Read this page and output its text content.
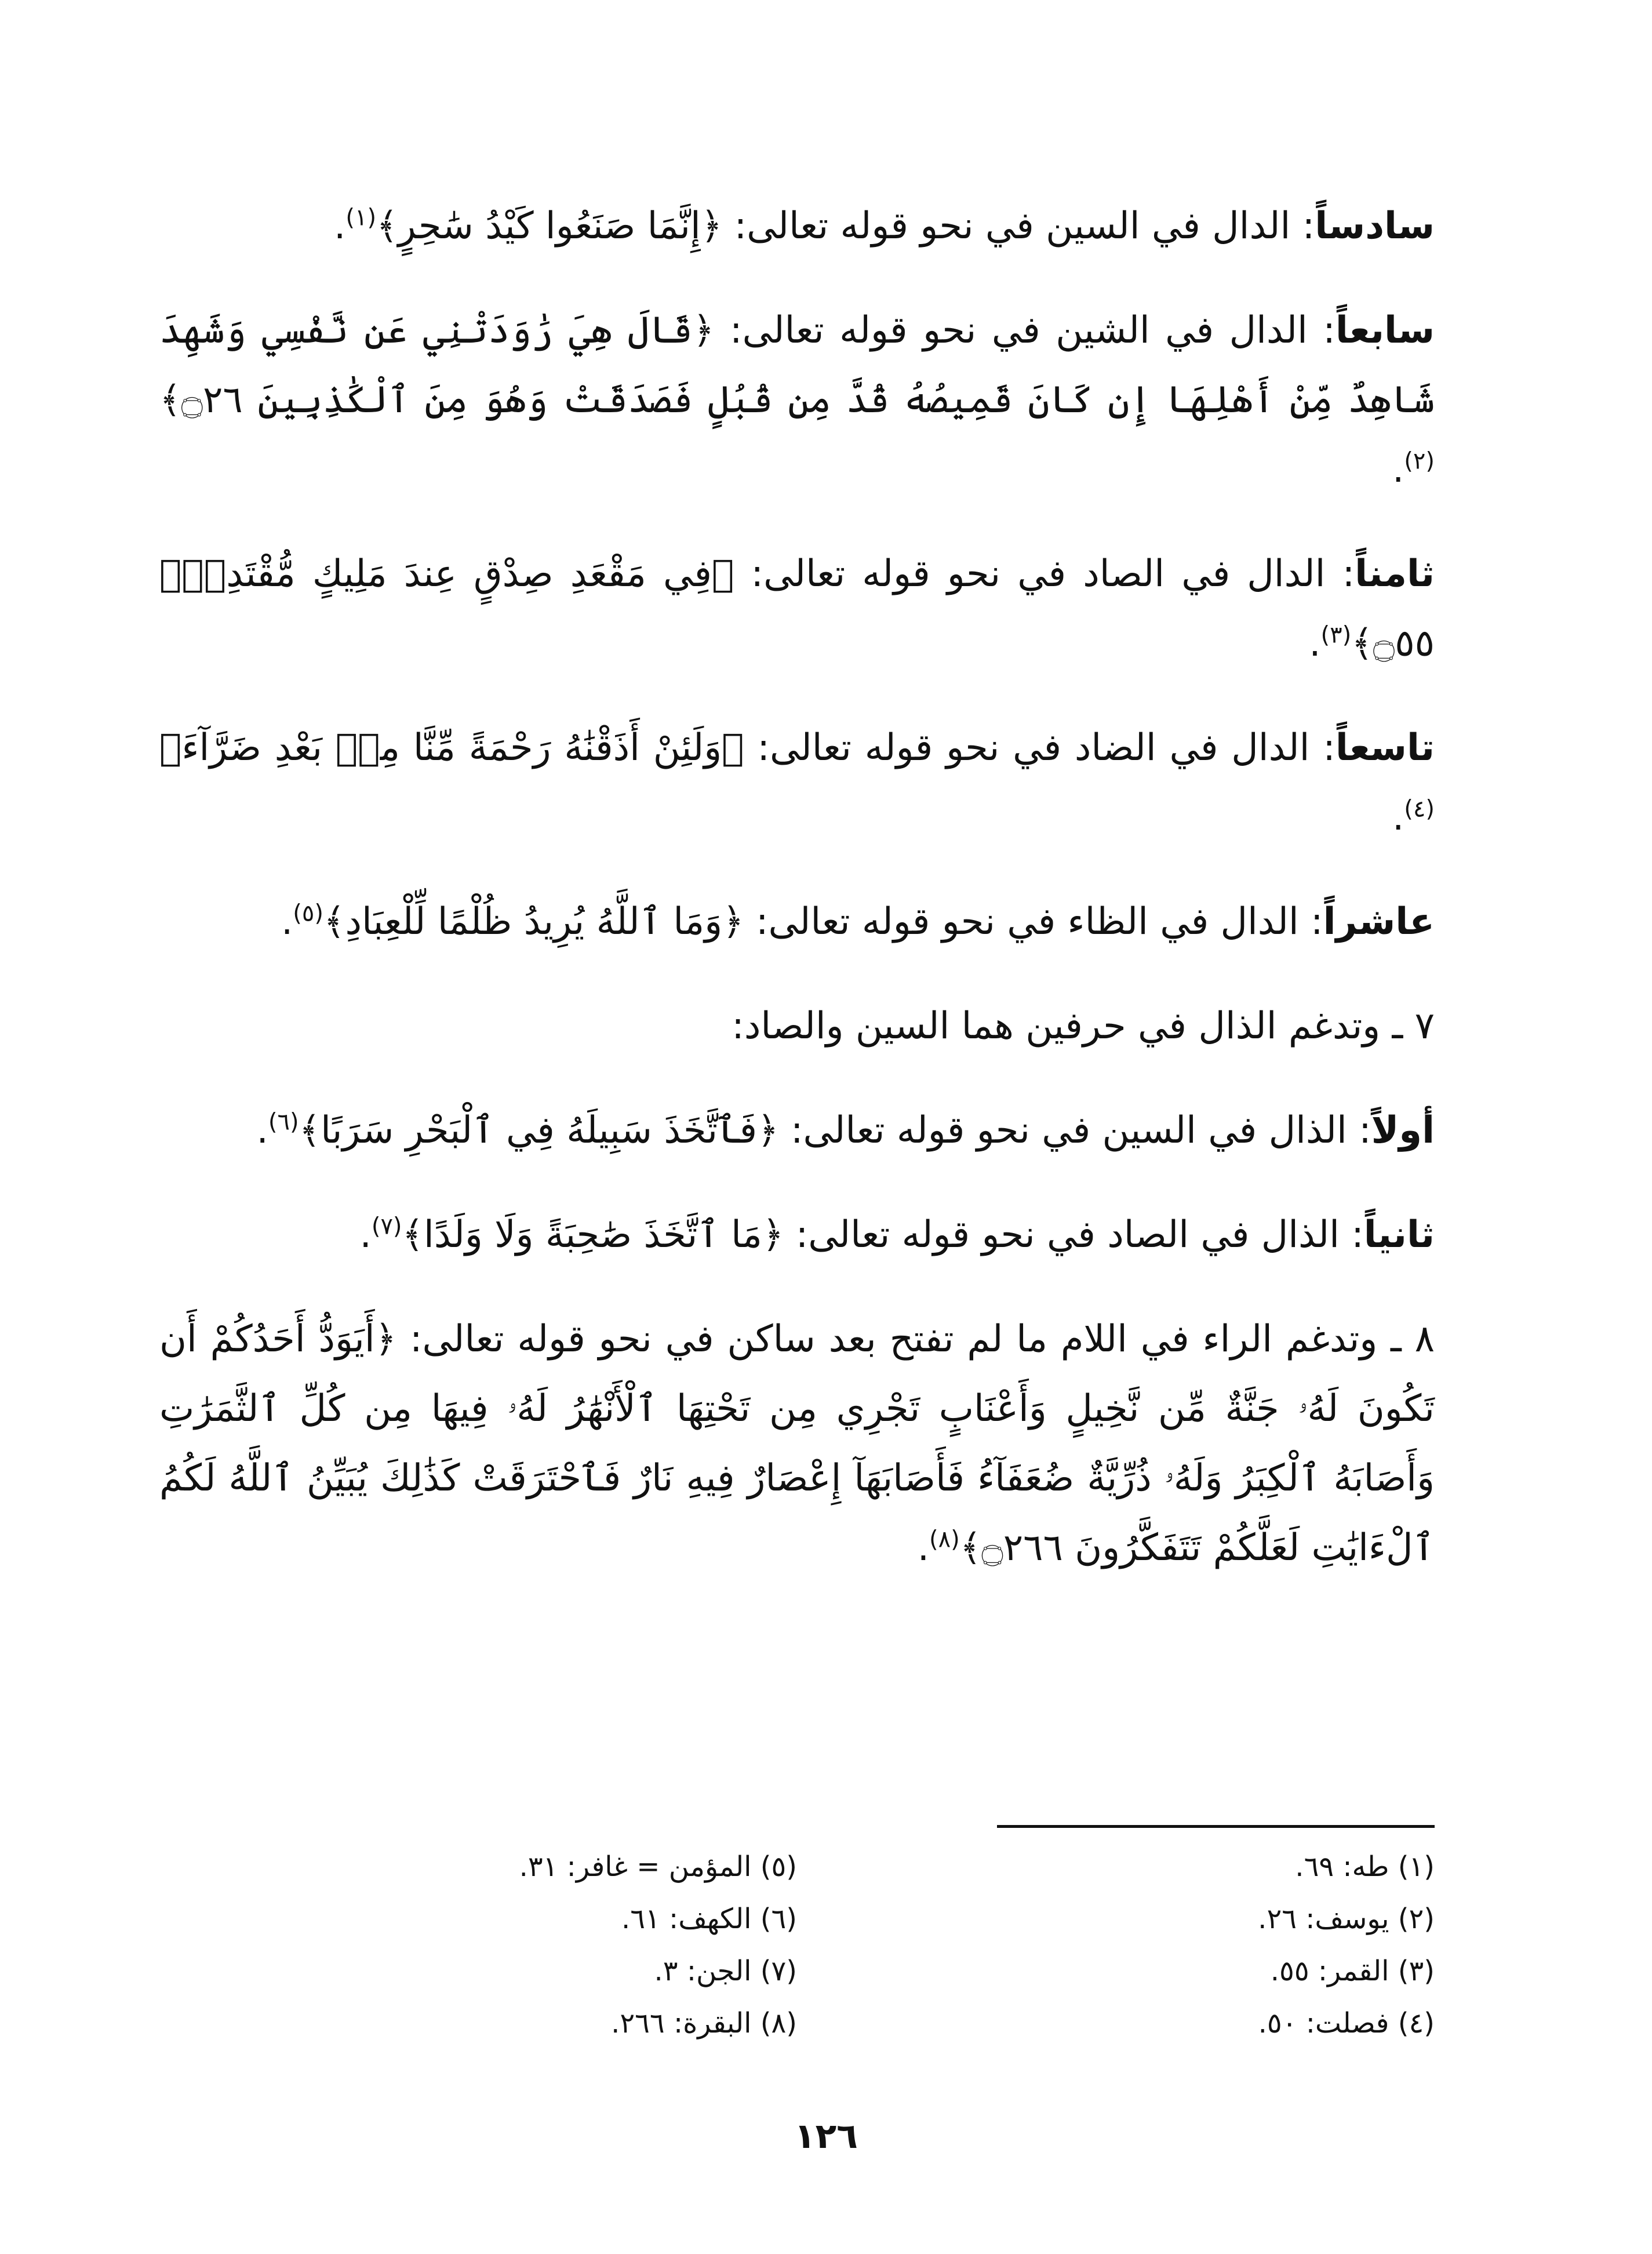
سادساً: الدال في السين في نحو قوله تعالى: ﴿إِنَّمَا صَنَعُوا كَيْدُ سَٰحِرٍ﴾$^{(١)}$.

سابعاً: الدال في الشين في نحو قوله تعالى: ﴿قَالَ هِيَ رَٰوَدَتْنِي عَن نَّفْسِي وَشَهِدَ شَاهِدٌ مِّنْ أَهْلِهَا إِن كَانَ قَمِيصُهُ قُدَّ مِن قُبُلٍ فَصَدَقَتْ وَهُوَ مِنَ ٱلْكَٰذِبِينَ ۝٢٦﴾$^{(٢)}$.

ثامناً: الدال في الصاد في نحو قوله تعالى: ﴿فِي مَقْعَدِ صِدْقٍ عِندَ مَلِيكٍ مُّقْتَدِرِۭ ۝٥٥﴾$^{(٣)}$.

تاسعاً: الدال في الضاد في نحو قوله تعالى: ﴿وَلَئِنْ أَذَقْنَٰهُ رَحْمَةً مِّنَّا مِنۢ بَعْدِ ضَرَّآءَ﴾$^{(٤)}$.

عاشراً: الدال في الظاء في نحو قوله تعالى: ﴿وَمَا ٱللَّهُ يُرِيدُ ظُلْمًا لِّلْعِبَادِ﴾$^{(٥)}$.

٧ ـ وتدغم الذال في حرفين هما السين والصاد:

أولاً: الذال في السين في نحو قوله تعالى: ﴿فَٱتَّخَذَ سَبِيلَهُ فِي ٱلْبَحْرِ سَرَبًا﴾$^{(٦)}$.

ثانياً: الذال في الصاد في نحو قوله تعالى: ﴿مَا ٱتَّخَذَ صَٰحِبَةً وَلَا وَلَدًا﴾$^{(٧)}$.

٨ ـ وتدغم الراء في اللام ما لم تفتح بعد ساكن في نحو قوله تعالى: ﴿أَيَوَدُّ أَحَدُكُمْ أَن تَكُونَ لَهُۥ جَنَّةٌ مِّن نَّخِيلٍ وَأَعْنَابٍ تَجْرِي مِن تَحْتِهَا ٱلْأَنْهَٰرُ لَهُۥ فِيهَا مِن كُلِّ ٱلثَّمَرَٰتِ وَأَصَابَهُ ٱلْكِبَرُ وَلَهُۥ ذُرِّيَّةٌ ضُعَفَآءُ فَأَصَابَهَآ إِعْصَارٌ فِيهِ نَارٌ فَٱحْتَرَقَتْ كَذَٰلِكَ يُبَيِّنُ ٱللَّهُ لَكُمُ ٱلْءَايَٰتِ لَعَلَّكُمْ تَتَفَكَّرُونَ ۝٢٦٦﴾$^{(٨)}$.

(١) طه: ٦٩.

(٢) يوسف: ٢٦.

(٣) القمر: ٥٥.

(٤) فصلت: ٥٠.

(٥) المؤمن = غافر: ٣١.

(٦) الكهف: ٦١.

(٧) الجن: ٣.

(٨) البقرة: ٢٦٦.

١٢٦
